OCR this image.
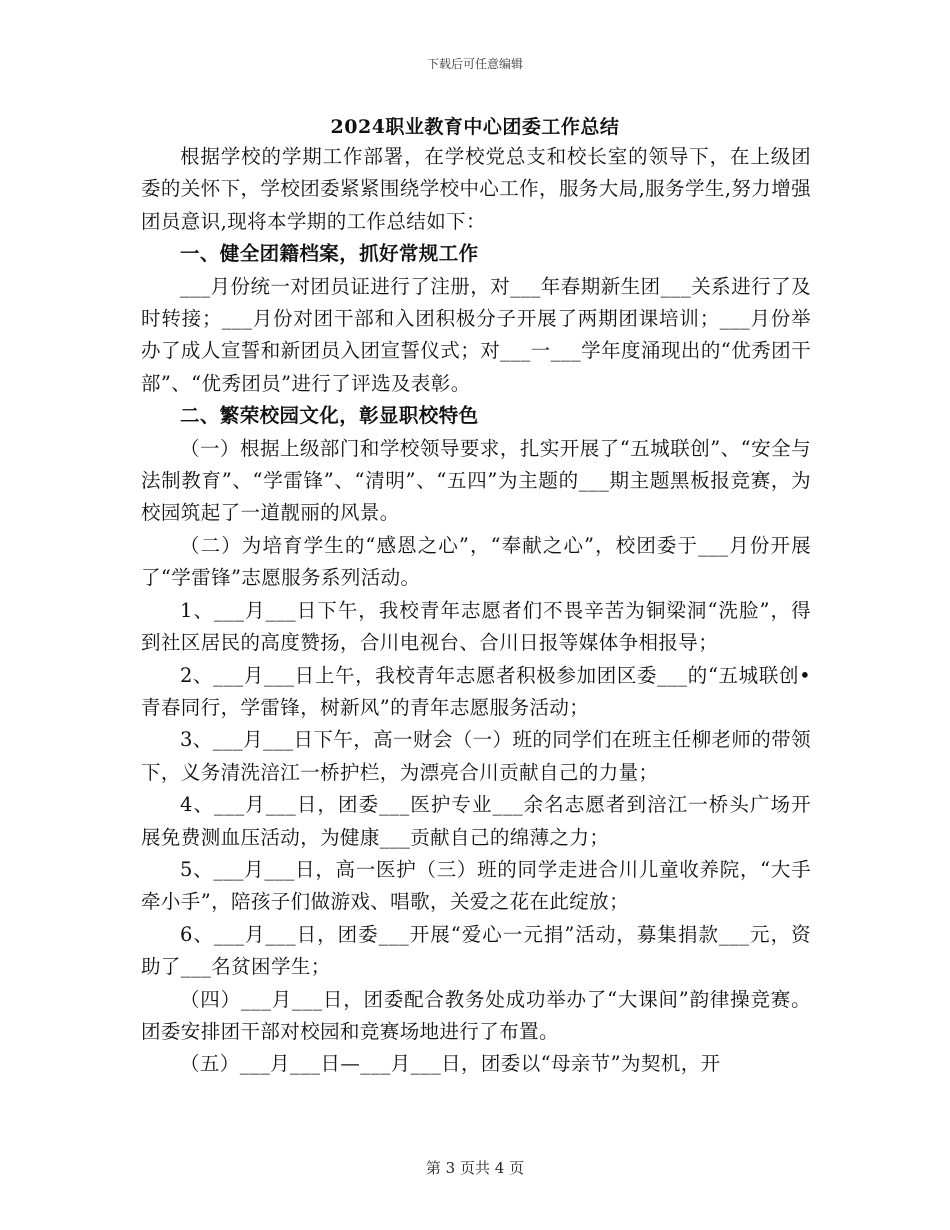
下载后可任意编辑
2024职业教育中心团委工作总结

根据学校的学期工作部署，在学校党总支和校长室的领导下，在上级团委的关怀下，学校团委紧紧围绕学校中心工作，服务大局,服务学生,努力增强团员意识,现将本学期的工作总结如下：

一、健全团籍档案，抓好常规工作

___月份统一对团员证进行了注册，对___年春期新生团___关系进行了及时转接；___月份对团干部和入团积极分子开展了两期团课培训；___月份举办了成人宣誓和新团员入团宣誓仪式；对___一___学年度涌现出的“优秀团干部”、“优秀团员”进行了评选及表彰。

二、繁荣校园文化，彰显职校特色

（一）根据上级部门和学校领导要求，扎实开展了“五城联创”、“安全与法制教育”、“学雷锋”、“清明”、“五四”为主题的___期主题黑板报竞赛，为校园筑起了一道靓丽的风景。

（二）为培育学生的“感恩之心”，“奉献之心”，校团委于___月份开展了“学雷锋”志愿服务系列活动。

1、___月___日下午，我校青年志愿者们不畏辛苦为铜梁洞“洗脸”，得到社区居民的高度赞扬，合川电视台、合川日报等媒体争相报导；

2、___月___日上午，我校青年志愿者积极参加团区委___的“五城联创•青春同行，学雷锋，树新风”的青年志愿服务活动；

3、___月___日下午，高一财会（一）班的同学们在班主任柳老师的带领下，义务清洗涪江一桥护栏，为漂亮合川贡献自己的力量；

4、___月___日，团委___医护专业___余名志愿者到涪江一桥头广场开展免费测血压活动，为健康___贡献自己的绵薄之力；

5、___月___日，高一医护（三）班的同学走进合川儿童收养院，“大手牵小手”，陪孩子们做游戏、唱歌，关爱之花在此绽放；

6、___月___日，团委___开展“爱心一元捐”活动，募集捐款___元，资助了___名贫困学生；

（四）___月___日，团委配合教务处成功举办了“大课间”韵律操竞赛。团委安排团干部对校园和竞赛场地进行了布置。

（五）___月___日—___月___日，团委以“母亲节”为契机，开

第 3 页共 4 页
